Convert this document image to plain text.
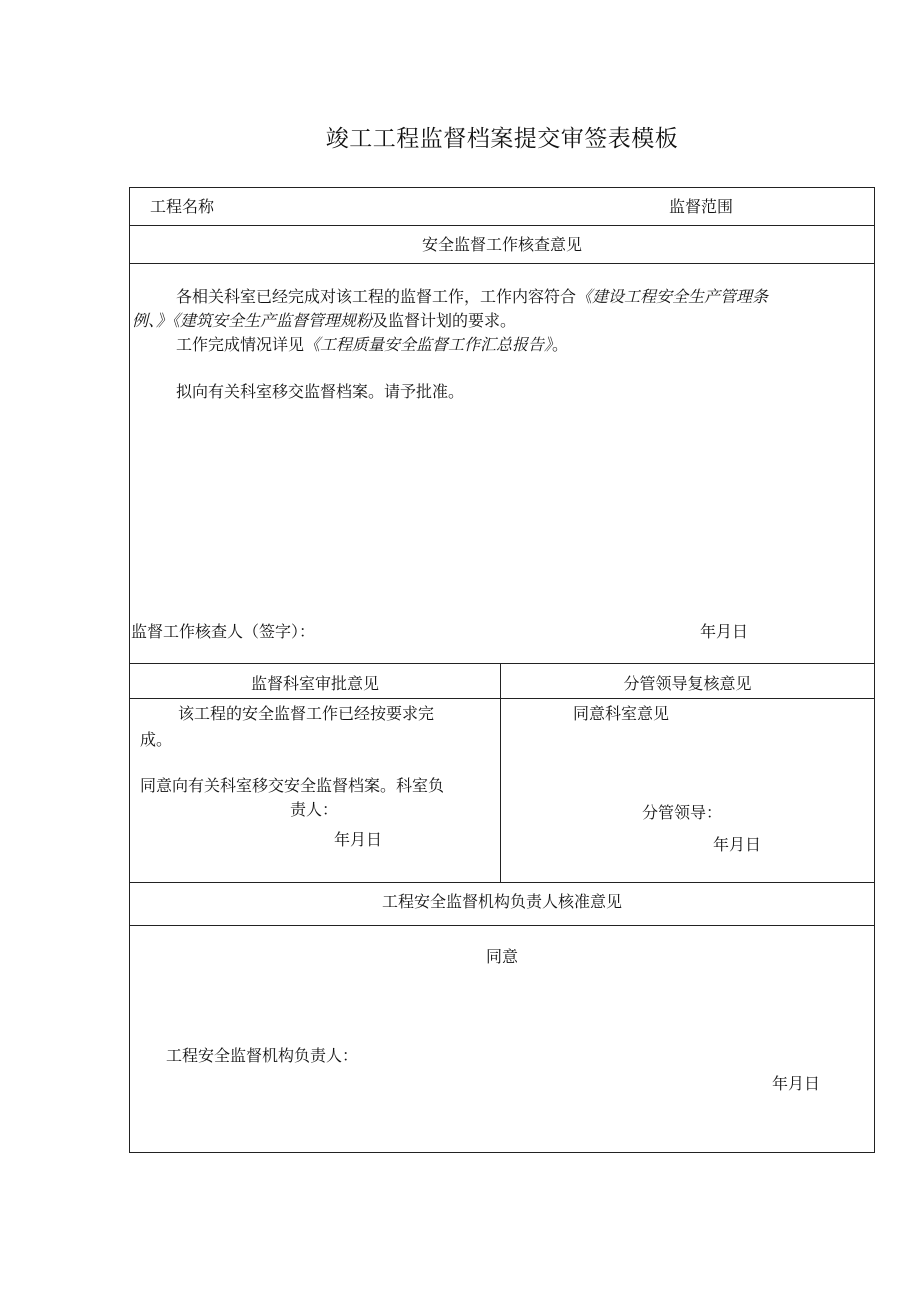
竣工工程监督档案提交审签表模板
工程名称	监督范围
安全监督工作核查意见
各相关科室已经完成对该工程的监督工作，工作内容符合《建设工程安全生产管理条
例、》《建筑安全生产监督管理规粉及监督计划的要求。
工作完成情况详见《工程质量安全监督工作汇总报告》。
拟向有关科室移交监督档案。请予批准。
监督工作核查人（签字）：	年月日
监督科室审批意见	分管领导复核意见
该工程的安全监督工作已经按要求完
成。
同意向有关科室移交安全监督档案。科室负
责人：
年月日
同意科室意见
分管领导：
年月日
工程安全监督机构负责人核准意见
同意
工程安全监督机构负责人：
年月日
